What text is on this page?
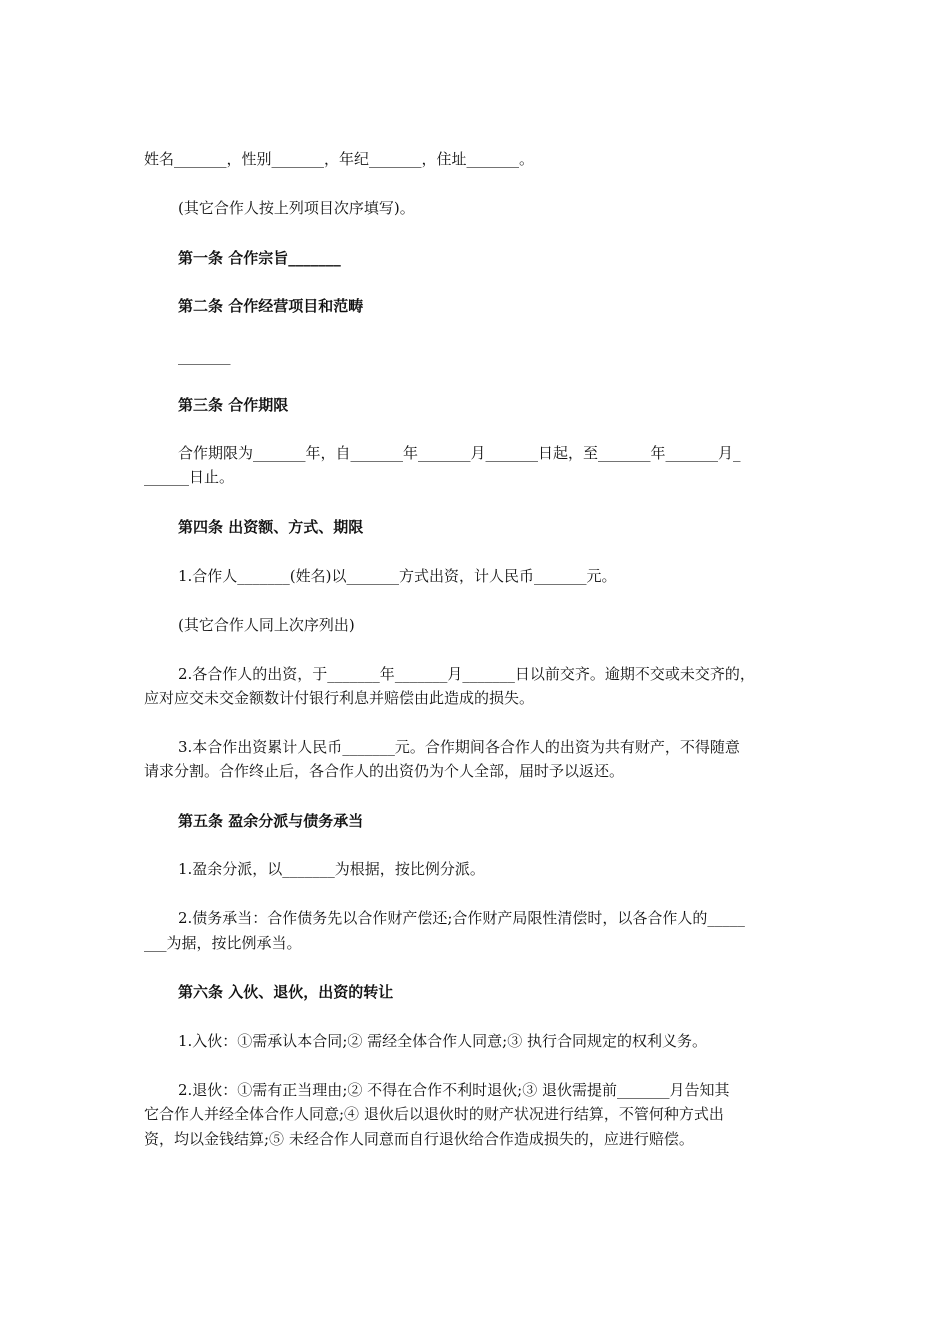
姓名_______，性别_______，年纪_______，住址_______。
(其它合作人按上列项目次序填写)。
第一条 合作宗旨_______
第二条 合作经营项目和范畴
_______
第三条 合作期限
合作期限为_______年，自_______年_______月_______日起，至_______年_______月_
______日止。
第四条 出资额、方式、期限
1.合作人_______(姓名)以_______方式出资，计人民币_______元。
(其它合作人同上次序列出)
2.各合作人的出资，于_______年_______月_______日以前交齐。逾期不交或未交齐的，
应对应交未交金额数计付银行利息并赔偿由此造成的损失。
3.本合作出资累计人民币_______元。合作期间各合作人的出资为共有财产，不得随意
请求分割。合作终止后，各合作人的出资仍为个人全部，届时予以返还。
第五条 盈余分派与债务承当
1.盈余分派，以_______为根据，按比例分派。
2.债务承当：合作债务先以合作财产偿还;合作财产局限性清偿时，以各合作人的_____
___为据，按比例承当。
第六条 入伙、退伙，出资的转让
1.入伙：①需承认本合同;② 需经全体合作人同意;③ 执行合同规定的权利义务。
2.退伙：①需有正当理由;② 不得在合作不利时退伙;③ 退伙需提前_______月告知其
它合作人并经全体合作人同意;④ 退伙后以退伙时的财产状况进行结算，不管何种方式出
资，均以金钱结算;⑤ 未经合作人同意而自行退伙给合作造成损失的，应进行赔偿。
